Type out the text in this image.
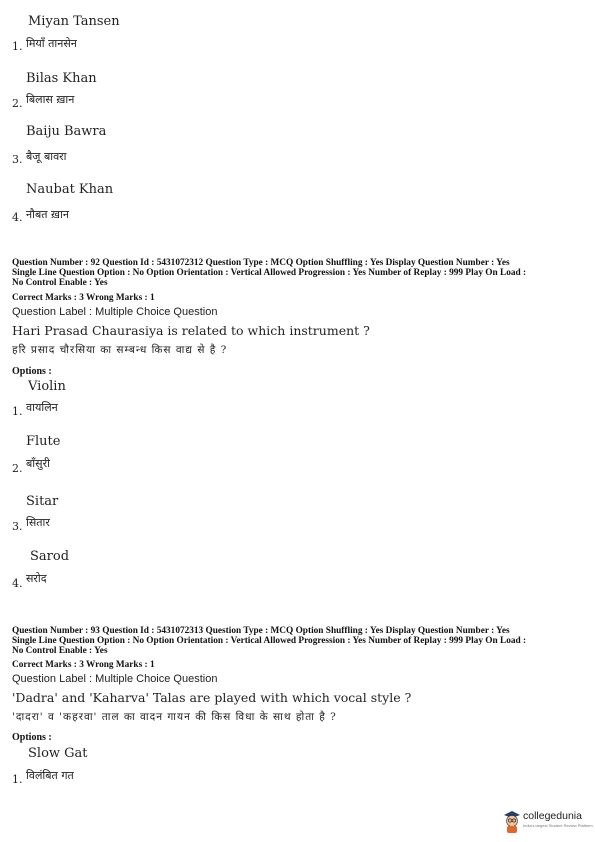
Miyan Tansen
1. मियाँ तानसेन
Bilas Khan
2. बिलास ख़ान
Baiju Bawra
3. बैजू बावरा
Naubat Khan
4. नौबत ख़ान
Question Number : 92 Question Id : 5431072312 Question Type : MCQ Option Shuffling : Yes Display Question Number : Yes
Single Line Question Option : No Option Orientation : Vertical Allowed Progression : Yes Number of Replay : 999 Play On Load :
No Control Enable : Yes
Correct Marks : 3 Wrong Marks : 1
Question Label : Multiple Choice Question
Hari Prasad Chaurasiya is related to which instrument ?
हरि प्रसाद चौरसिया का सम्बन्ध किस वाद्य से है ?
Options :
Violin
1. वायलिन
Flute
2. बाँसुरी
Sitar
3. सितार
Sarod
4. सरोद
Question Number : 93 Question Id : 5431072313 Question Type : MCQ Option Shuffling : Yes Display Question Number : Yes
Single Line Question Option : No Option Orientation : Vertical Allowed Progression : Yes Number of Replay : 999 Play On Load :
No Control Enable : Yes
Correct Marks : 3 Wrong Marks : 1
Question Label : Multiple Choice Question
'Dadra' and 'Kaharva' Talas are played with which vocal style ?
'दादरा' व 'कहरवा' ताल का वादन गायन की किस विधा के साथ होता है ?
Options :
Slow Gat
1. विलंबित गत
collegedunia
India's largest Student Review Platform
